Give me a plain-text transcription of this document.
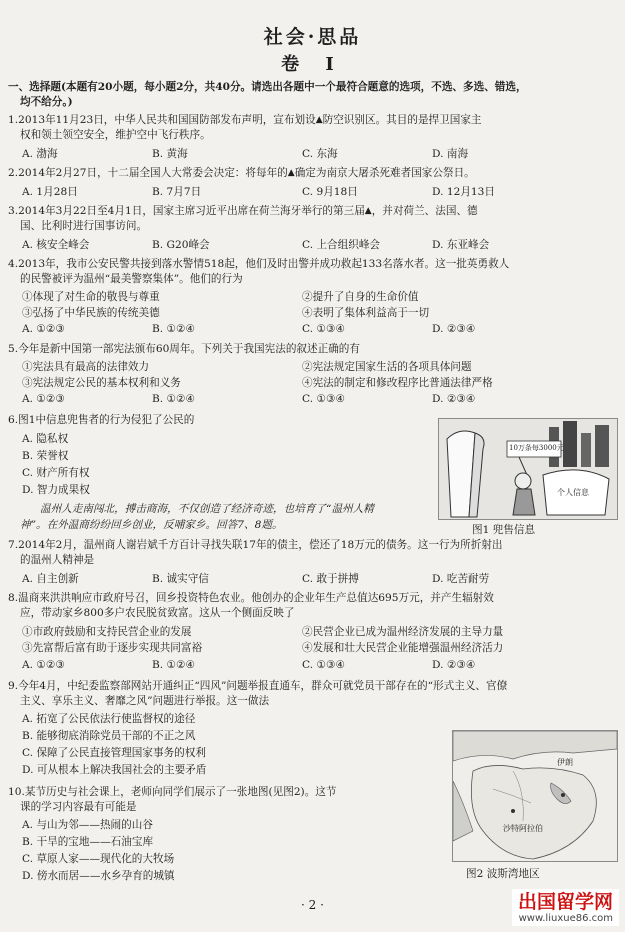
社会·思品
卷 Ⅰ
一、选择题(本题有20小题，每小题2分，共40分。请选出各题中一个最符合题意的选项，不选、多选、错选，
均不给分。)
1.2013年11月23日，中华人民共和国国防部发布声明，宣布划设▲防空识别区。其目的是捍卫国家主
权和领土领空安全，维护空中飞行秩序。
A. 渤海	B. 黄海	C. 东海	D. 南海
2.2014年2月27日，十二届全国人大常委会决定：将每年的▲确定为南京大屠杀死难者国家公祭日。
A. 1月28日	B. 7月7日	C. 9月18日	D. 12月13日
3.2014年3月22日至4月1日，国家主席习近平出席在荷兰海牙举行的第三届▲，并对荷兰、法国、德
国、比利时进行国事访问。
A. 核安全峰会	B. G20峰会	C. 上合组织峰会	D. 东亚峰会
4.2013年，我市公安民警共接到落水警情518起，他们及时出警并成功救起133名落水者。这一批英勇救人
的民警被评为温州“最美警察集体”。他们的行为
①体现了对生命的敬畏与尊重	②提升了自身的生命价值
③弘扬了中华民族的传统美德	④表明了集体利益高于一切
A. ①②③	B. ①②④	C. ①③④	D. ②③④
5.今年是新中国第一部宪法颁布60周年。下列关于我国宪法的叙述正确的有
①宪法具有最高的法律效力	②宪法规定国家生活的各项具体问题
③宪法规定公民的基本权利和义务	④宪法的制定和修改程序比普通法律严格
A. ①②③	B. ①②④	C. ①③④	D. ②③④
6.图1中信息兜售者的行为侵犯了公民的
A. 隐私权
B. 荣誉权
C. 财产所有权
D. 智力成果权
10万条每3000元
个人信息
温州人走南闯北，搏击商海，不仅创造了经济奇迹，也培育了“温州人精
神”。在外温商纷纷回乡创业，反哺家乡。回答7、8题。	图1 兜售信息
7.2014年2月，温州商人谢岩斌千方百计寻找失联17年的债主，偿还了18万元的债务。这一行为所折射出
的温州人精神是
A. 自主创新	B. 诚实守信	C. 敢于拼搏	D. 吃苦耐劳
8.温商来洪洪响应市政府号召，回乡投资特色农业。他创办的企业年生产总值达695万元，并产生辐射效
应，带动家乡800多户农民脱贫致富。这从一个侧面反映了
①市政府鼓励和支持民营企业的发展	②民营企业已成为温州经济发展的主导力量
③先富帮后富有助于逐步实现共同富裕	④发展和壮大民营企业能增强温州经济活力
A. ①②③	B. ①②④	C. ①③④	D. ②③④
9.今年4月，中纪委监察部网站开通纠正“四风”问题举报直通车，群众可就党员干部存在的“形式主义、官僚
主义、享乐主义、奢靡之风”问题进行举报。这一做法
A. 拓宽了公民依法行使监督权的途径
B. 能够彻底消除党员干部的不正之风
C. 保障了公民直接管理国家事务的权利
D. 可从根本上解决我国社会的主要矛盾
10.某节历史与社会课上，老师向同学们展示了一张地图(见图2)。这节
课的学习内容最有可能是
A. 与山为邻——热闹的山谷
B. 干旱的宝地——石油宝库
C. 草原人家——现代化的大牧场
D. 傍水而居——水乡孕育的城镇
伊朗
沙特阿拉伯
图2 波斯湾地区
· 2 ·	出国留学网
www.liuxue86.com
